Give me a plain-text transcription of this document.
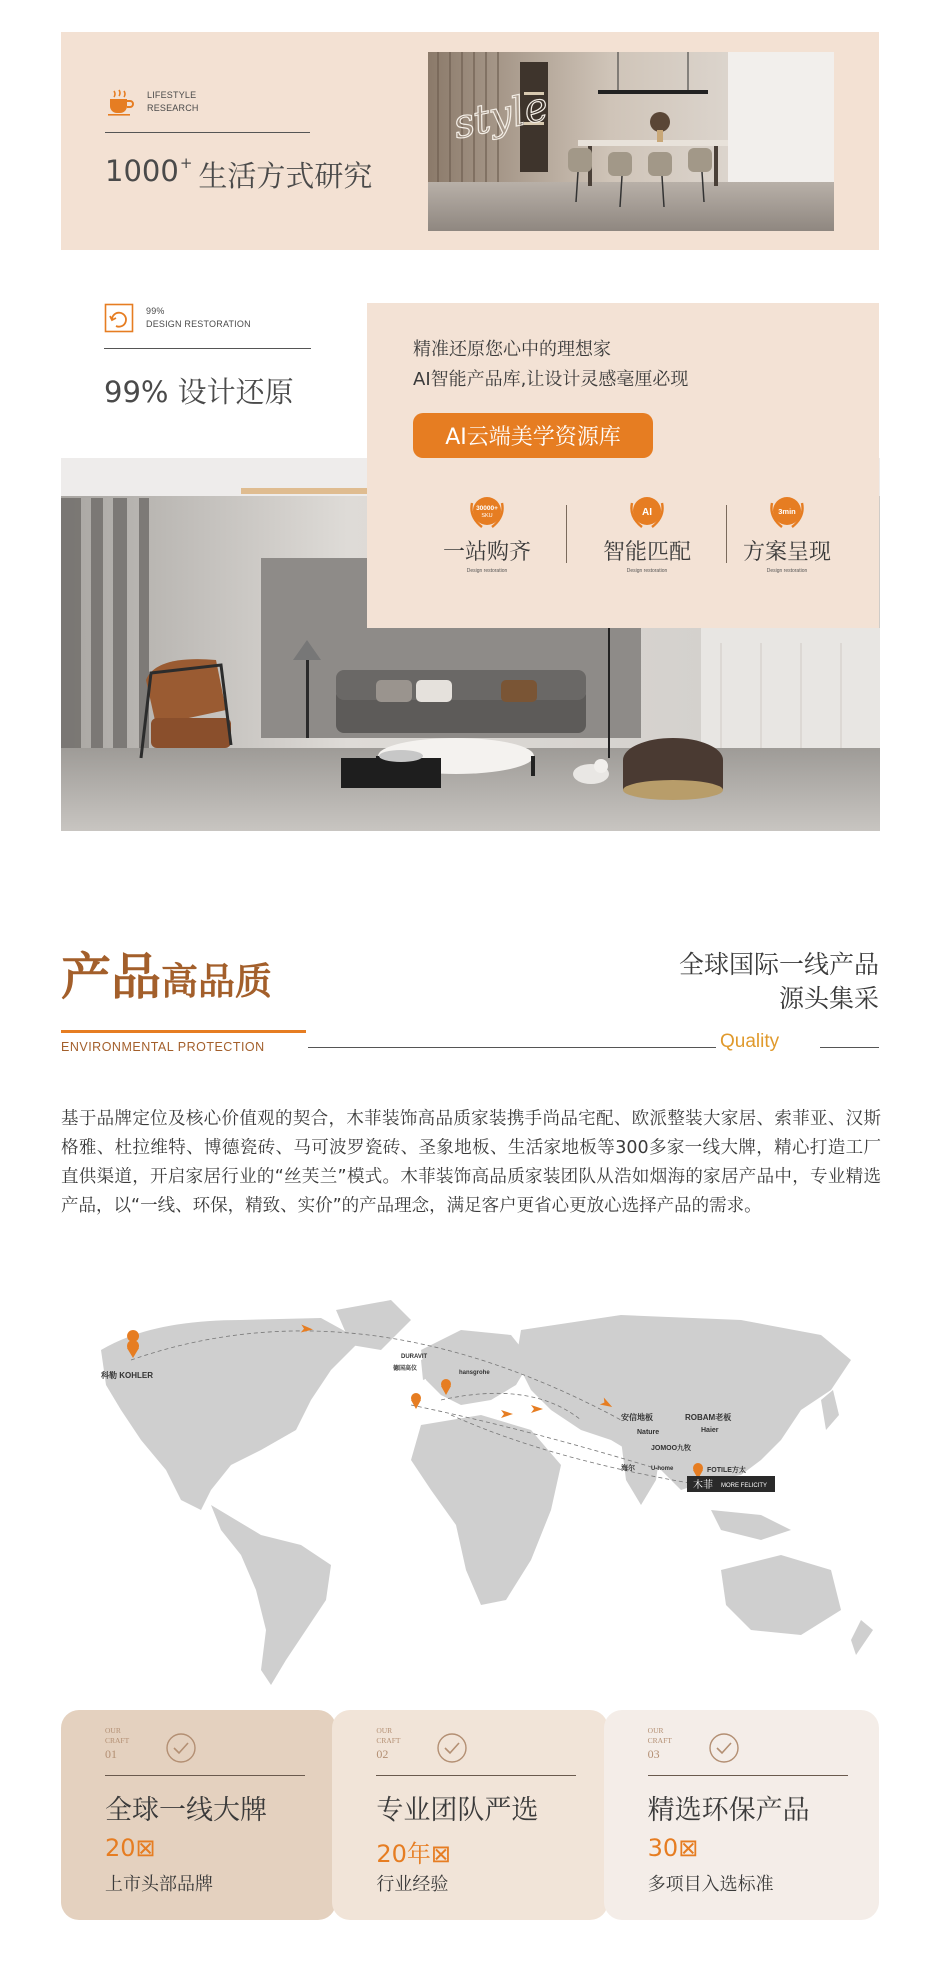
LIFESTYLE
RESEARCH
1000 + 生活方式研究
style
99%
DESIGN RESTORATION
99% 设计还原
精准还原您心中的理想家
AI智能产品库,让设计灵感毫厘必现
AI云端美学资源库
30000+
SKU
一站购齐
Design restoration
AI
智能匹配
Design restoration
3min
方案呈现
Design restoration
产品高品质
ENVIRONMENTAL PROTECTION	Quality
全球国际一线产品
源头集采
基于品牌定位及核心价值观的契合，木菲装饰高品质家装携手尚品宅配、欧派整装大家居、索菲亚、汉斯格雅、杜拉维特、博德瓷砖、马可波罗瓷砖、圣象地板、生活家地板等300多家一线大牌，精心打造工厂直供渠道，开启家居行业的“丝芙兰”模式。木菲装饰高品质家装团队从浩如烟海的家居产品中，专业精选产品，以“一线、环保，精致、实价”的产品理念，满足客户更省心更放心选择产品的需求。
科勒 KOHLER
DURAVIT
德国高仪
hansgrohe
安信地板	ROBAM老板
Nature	Haier
JOMOO九牧
海尔	U-home	FOTILE方太
木菲 MORE FELICITY
OUR
CRAFT
01
全球一线大牌
20⊠
上市头部品牌
OUR
CRAFT
02
专业团队严选
20年⊠
行业经验
OUR
CRAFT
03
精选环保产品
30⊠
多项目入选标准
